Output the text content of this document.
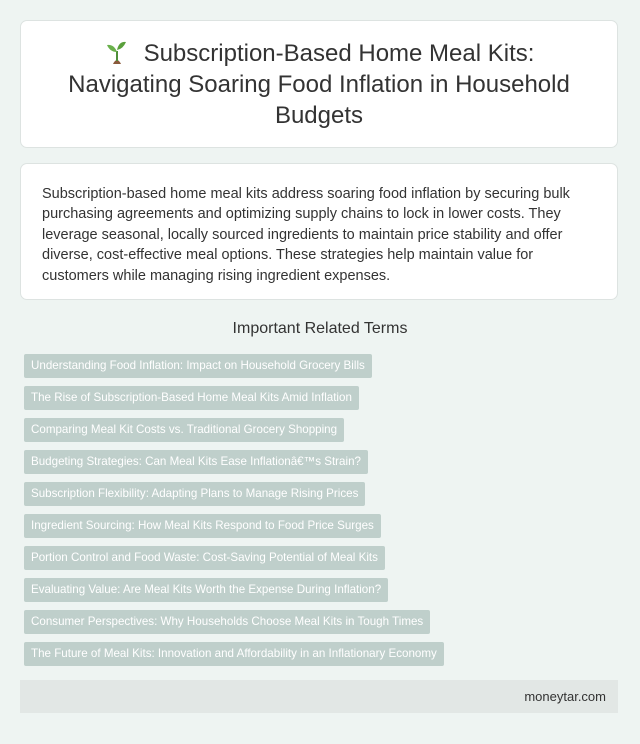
Subscription-Based Home Meal Kits: Navigating Soaring Food Inflation in Household Budgets

Subscription-based home meal kits address soaring food inflation by securing bulk purchasing agreements and optimizing supply chains to lock in lower costs. They leverage seasonal, locally sourced ingredients to maintain price stability and offer diverse, cost-effective meal options. These strategies help maintain value for customers while managing rising ingredient expenses.

Important Related Terms
Understanding Food Inflation: Impact on Household Grocery Bills
The Rise of Subscription-Based Home Meal Kits Amid Inflation
Comparing Meal Kit Costs vs. Traditional Grocery Shopping
Budgeting Strategies: Can Meal Kits Ease Inflationâ€™s Strain?
Subscription Flexibility: Adapting Plans to Manage Rising Prices
Ingredient Sourcing: How Meal Kits Respond to Food Price Surges
Portion Control and Food Waste: Cost-Saving Potential of Meal Kits
Evaluating Value: Are Meal Kits Worth the Expense During Inflation?
Consumer Perspectives: Why Households Choose Meal Kits in Tough Times
The Future of Meal Kits: Innovation and Affordability in an Inflationary Economy
moneytar.com
